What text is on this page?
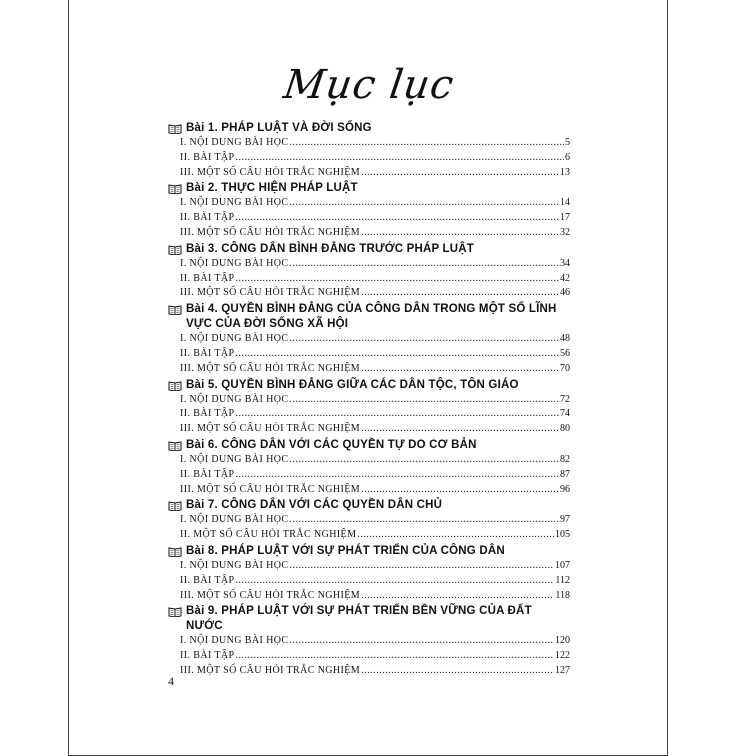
Mục lục
Bài 1. PHÁP LUẬT VÀ ĐỜI SỐNG
I. NỘI DUNG BÀI HỌC .....	5
II. BÀI TẬP .....	6
III. MỘT SỐ CÂU HỎI TRẮC NGHIỆM .....	13
Bài 2. THỰC HIỆN PHÁP LUẬT
I. NỘI DUNG BÀI HỌC .....	14
II. BÀI TẬP .....	17
III. MỘT SỐ CÂU HỎI TRẮC NGHIỆM .....	32
Bài 3. CÔNG DÂN BÌNH ĐẲNG TRƯỚC PHÁP LUẬT
I. NỘI DUNG BÀI HỌC .....	34
II. BÀI TẬP .....	42
III. MỘT SỐ CÂU HỎI TRẮC NGHIỆM .....	46
Bài 4. QUYỀN BÌNH ĐẲNG CỦA CÔNG DÂN TRONG MỘT SỐ LĨNH VỰC CỦA ĐỜI SỐNG XÃ HỘI
I. NỘI DUNG BÀI HỌC .....	48
II. BÀI TẬP .....	56
III. MỘT SỐ CÂU HỎI TRẮC NGHIỆM .....	70
Bài 5. QUYỀN BÌNH ĐẲNG GIỮA CÁC DÂN TỘC, TÔN GIÁO
I. NỘI DUNG BÀI HỌC .....	72
II. BÀI TẬP .....	74
III. MỘT SỐ CÂU HỎI TRẮC NGHIỆM .....	80
Bài 6. CÔNG DÂN VỚI CÁC QUYỀN TỰ DO CƠ BẢN
I. NỘI DUNG BÀI HỌC .....	82
II. BÀI TẬP .....	87
III. MỘT SỐ CÂU HỎI TRẮC NGHIỆM .....	96
Bài 7. CÔNG DÂN VỚI CÁC QUYỀN DÂN CHỦ
I. NỘI DUNG BÀI HỌC .....	97
II. MỘT SỐ CÂU HỎI TRẮC NGHIỆM .....	105
Bài 8. PHÁP LUẬT VỚI SỰ PHÁT TRIỂN CỦA CÔNG DÂN
I. NỘI DUNG BÀI HỌC .....	107
II. BÀI TẬP .....	112
III. MỘT SỐ CÂU HỎI TRẮC NGHIỆM .....	118
Bài 9. PHÁP LUẬT VỚI SỰ PHÁT TRIỂN BỀN VỮNG CỦA ĐẤT NƯỚC
I. NỘI DUNG BÀI HỌC .....	120
II. BÀI TẬP .....	122
III. MỘT SỐ CÂU HỎI TRẮC NGHIỆM .....	127
4
